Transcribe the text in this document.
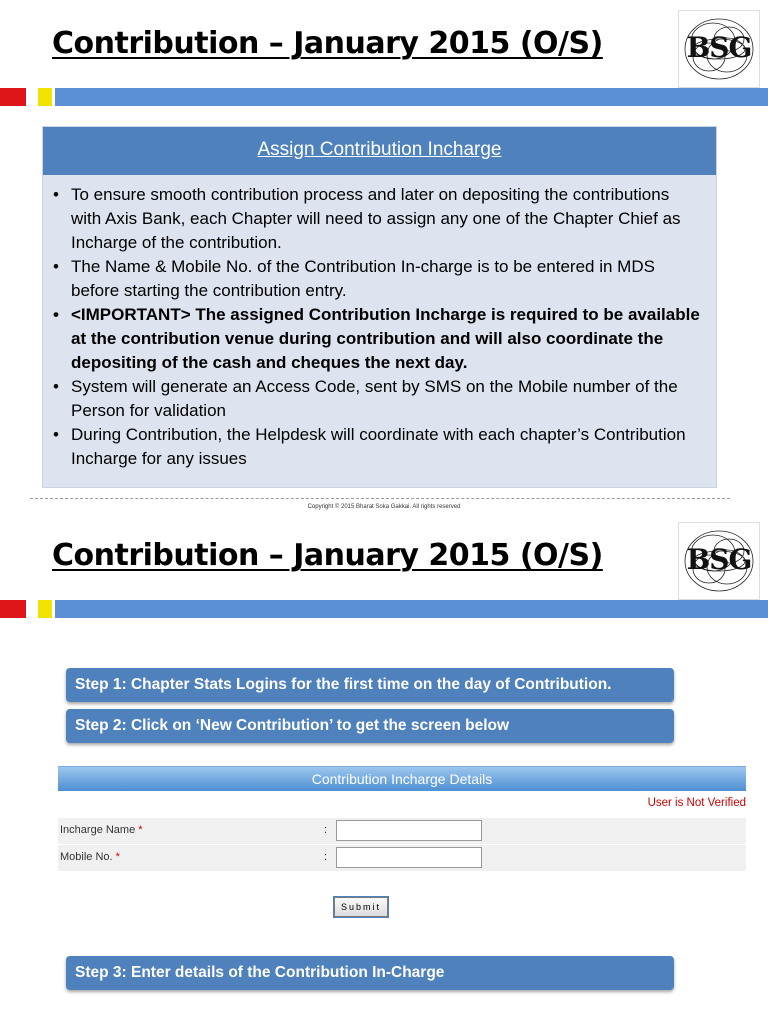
Contribution – January 2015 (O/S)	BSG
Assign Contribution Incharge
• To ensure smooth contribution process and later on depositing the contributions with Axis Bank, each Chapter will need to assign any one of the Chapter Chief as Incharge of the contribution.
• The Name & Mobile No. of the Contribution In-charge is to be entered in MDS before starting the contribution entry.
• <IMPORTANT> The assigned Contribution Incharge is required to be available at the contribution venue during contribution and will also coordinate the depositing of the cash and cheques the next day.
• System will generate an Access Code, sent by SMS on the Mobile number of the Person for validation
• During Contribution, the Helpdesk will coordinate with each chapter’s Contribution Incharge for any issues
Copyright © 2015 Bharat Soka Gakkai. All rights reserved
Contribution – January 2015 (O/S)	BSG
Step 1: Chapter Stats Logins for the first time on the day of Contribution.
Step 2: Click on ‘New Contribution’ to get the screen below
Contribution Incharge Details
User is Not Verified
Incharge Name *	:
Mobile No. *	:
Submit
Step 3: Enter details of the Contribution In-Charge
